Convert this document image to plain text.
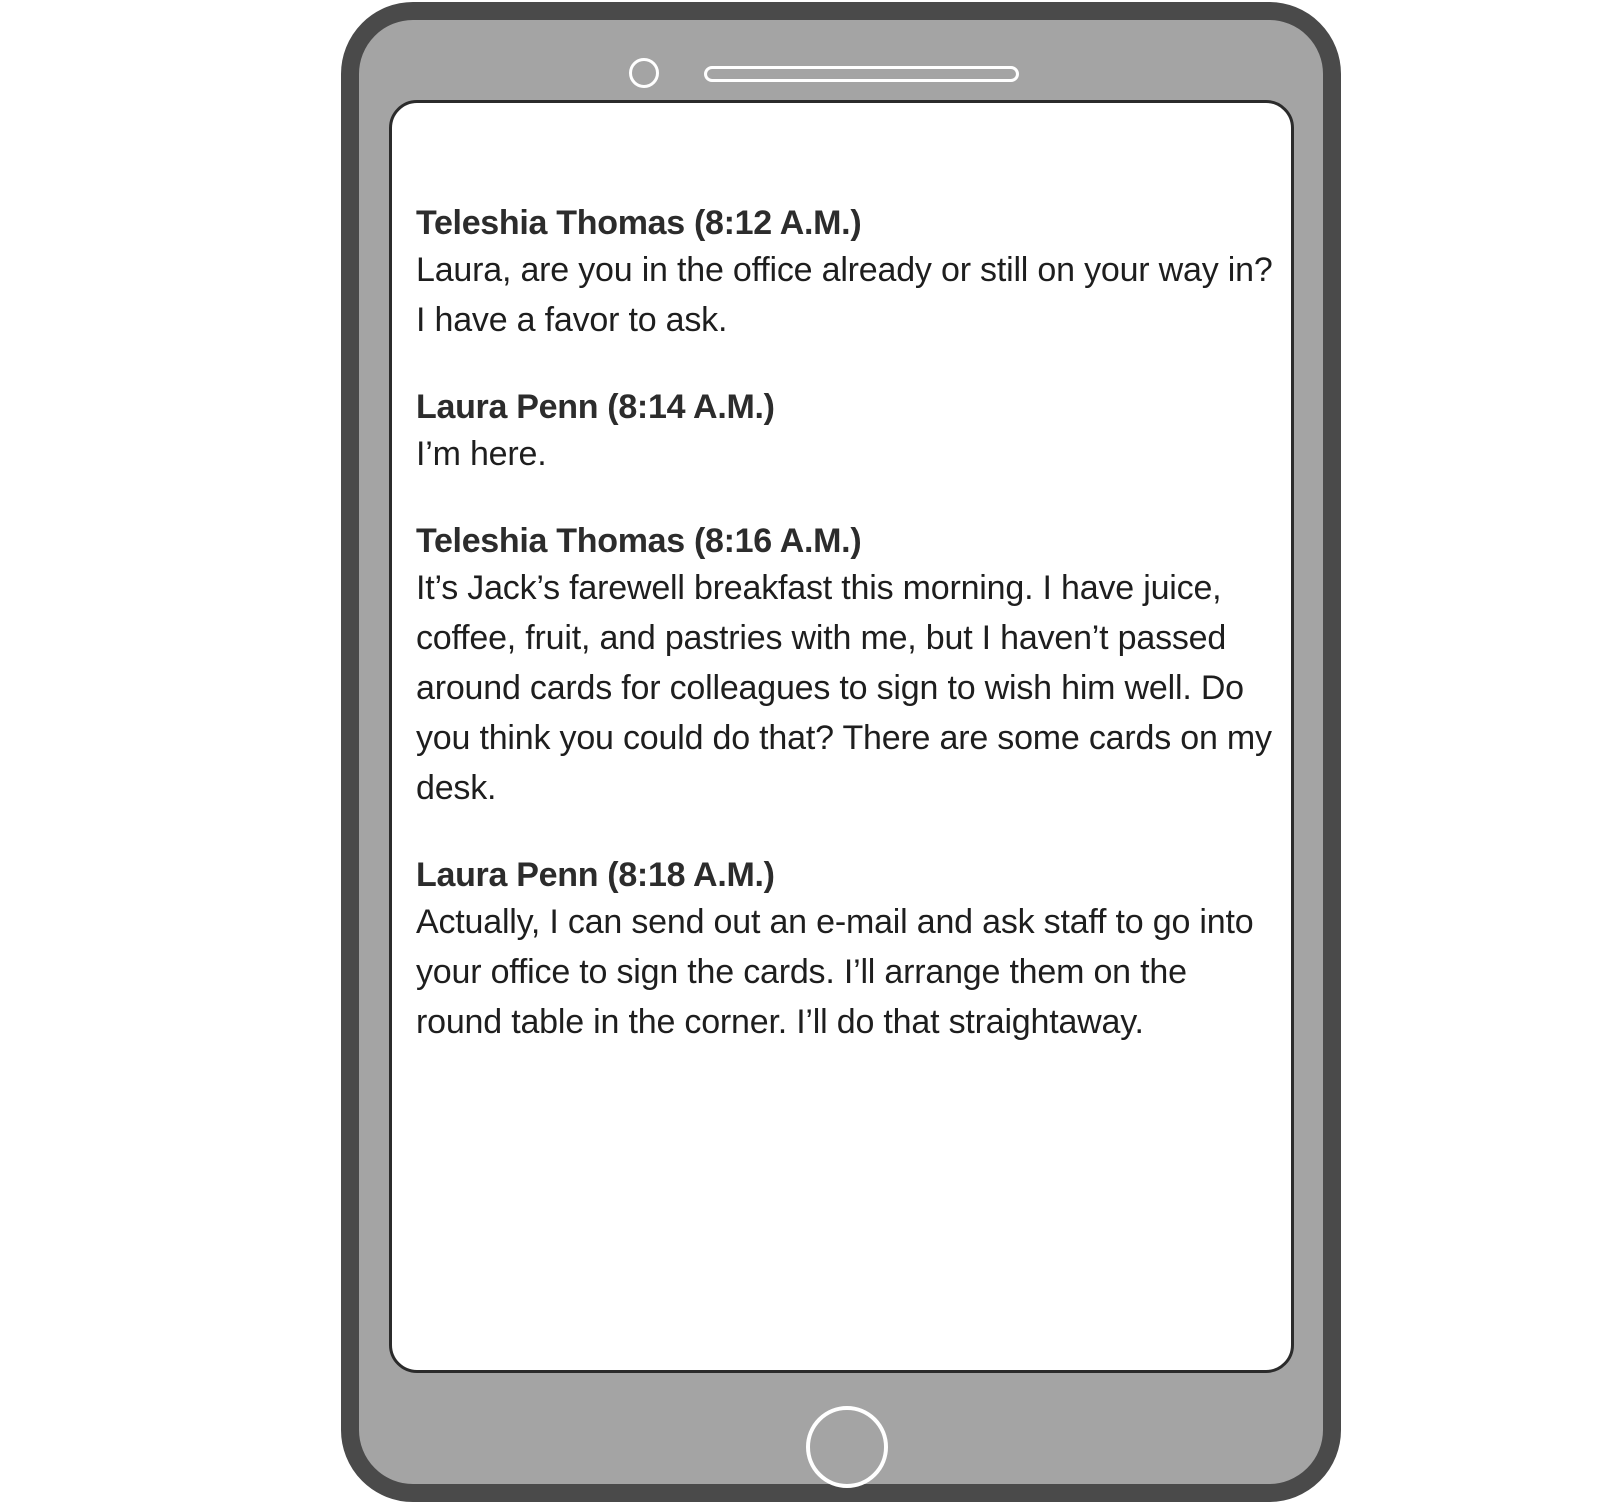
Teleshia Thomas (8:12 A.M.)
Laura, are you in the office already or still on your way in? I have a favor to ask.
Laura Penn (8:14 A.M.)
I’m here.
Teleshia Thomas (8:16 A.M.)
It’s Jack’s farewell breakfast this morning. I have juice, coffee, fruit, and pastries with me, but I haven’t passed around cards for colleagues to sign to wish him well. Do you think you could do that? There are some cards on my desk.
Laura Penn (8:18 A.M.)
Actually, I can send out an e-mail and ask staff to go into your office to sign the cards. I’ll arrange them on the round table in the corner. I’ll do that straightaway.
